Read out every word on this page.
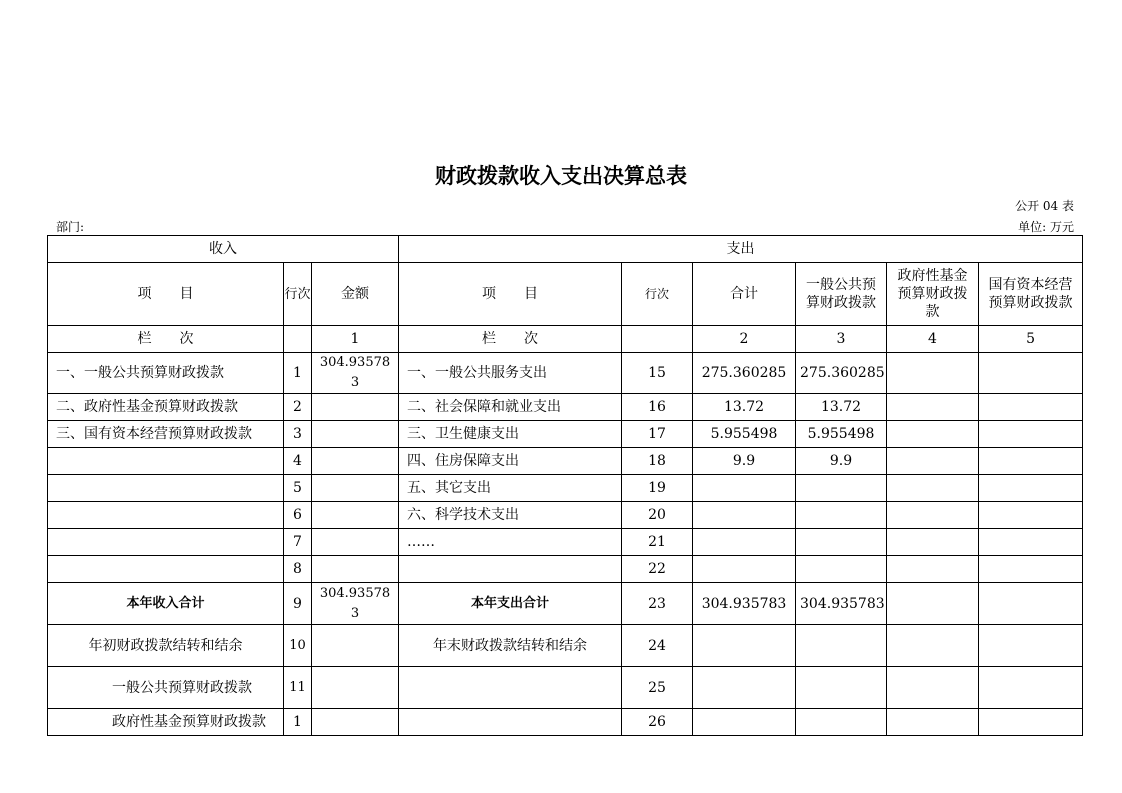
财政拨款收入支出决算总表
公开 04 表
部门:	单位: 万元
收入			支出					
项　　目	行次	金额	项　　目	行次	合计	一般公共预算财政拨款	政府性基金预算财政拨款	国有资本经营预算财政拨款
栏　　次		1	栏　　次		2	3	4	5
一、一般公共预算财政拨款	1	304.935783	一、一般公共服务支出	15	275.360285	275.360285		
二、政府性基金预算财政拨款	2		二、社会保障和就业支出	16	13.72	13.72		
三、国有资本经营预算财政拨款	3		三、卫生健康支出	17	5.955498	5.955498		
	4		四、住房保障支出	18	9.9	9.9		
	5		五、其它支出	19				
	6		六、科学技术支出	20				
	7		……	21				
	8			22				
本年收入合计	9	304.935783	本年支出合计	23	304.935783	304.935783		
年初财政拨款结转和结余	10		年末财政拨款结转和结余	24				
一般公共预算财政拨款	11			25				
政府性基金预算财政拨款	1			26				
